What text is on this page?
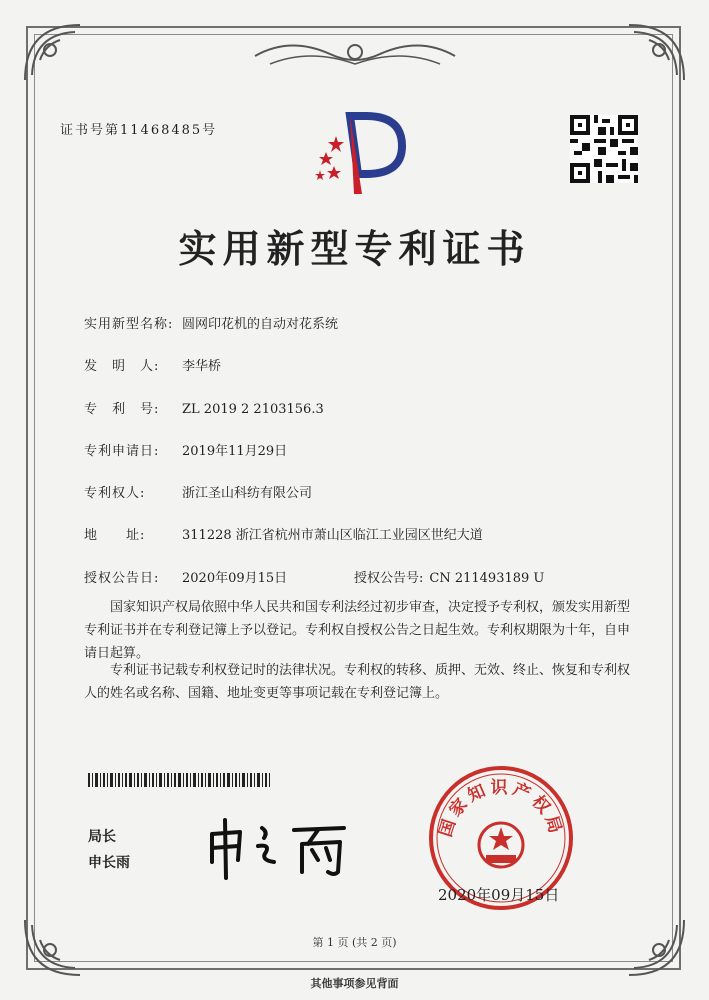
证书号第11468485号
实用新型专利证书
实用新型名称: 圆网印花机的自动对花系统
发　明　人: 李华桥
专　利　号: ZL 2019 2 2103156.3
专利申请日: 2019年11月29日
专利权人:	浙江圣山科纺有限公司
地　　址:	311228 浙江省杭州市萧山区临江工业园区世纪大道
授权公告日: 2020年09月15日	授权公告号: CN 211493189 U
国家知识产权局依照中华人民共和国专利法经过初步审查，决定授予专利权，颁发实用新型专利证书并在专利登记簿上予以登记。专利权自授权公告之日起生效。专利权期限为十年，自申请日起算。
专利证书记载专利权登记时的法律状况。专利权的转移、质押、无效、终止、恢复和专利权人的姓名或名称、国籍、地址变更等事项记载在专利登记簿上。
局长
申长雨
国家知识产权局
2020年09月15日
第 1 页 (共 2 页)
其他事项参见背面
